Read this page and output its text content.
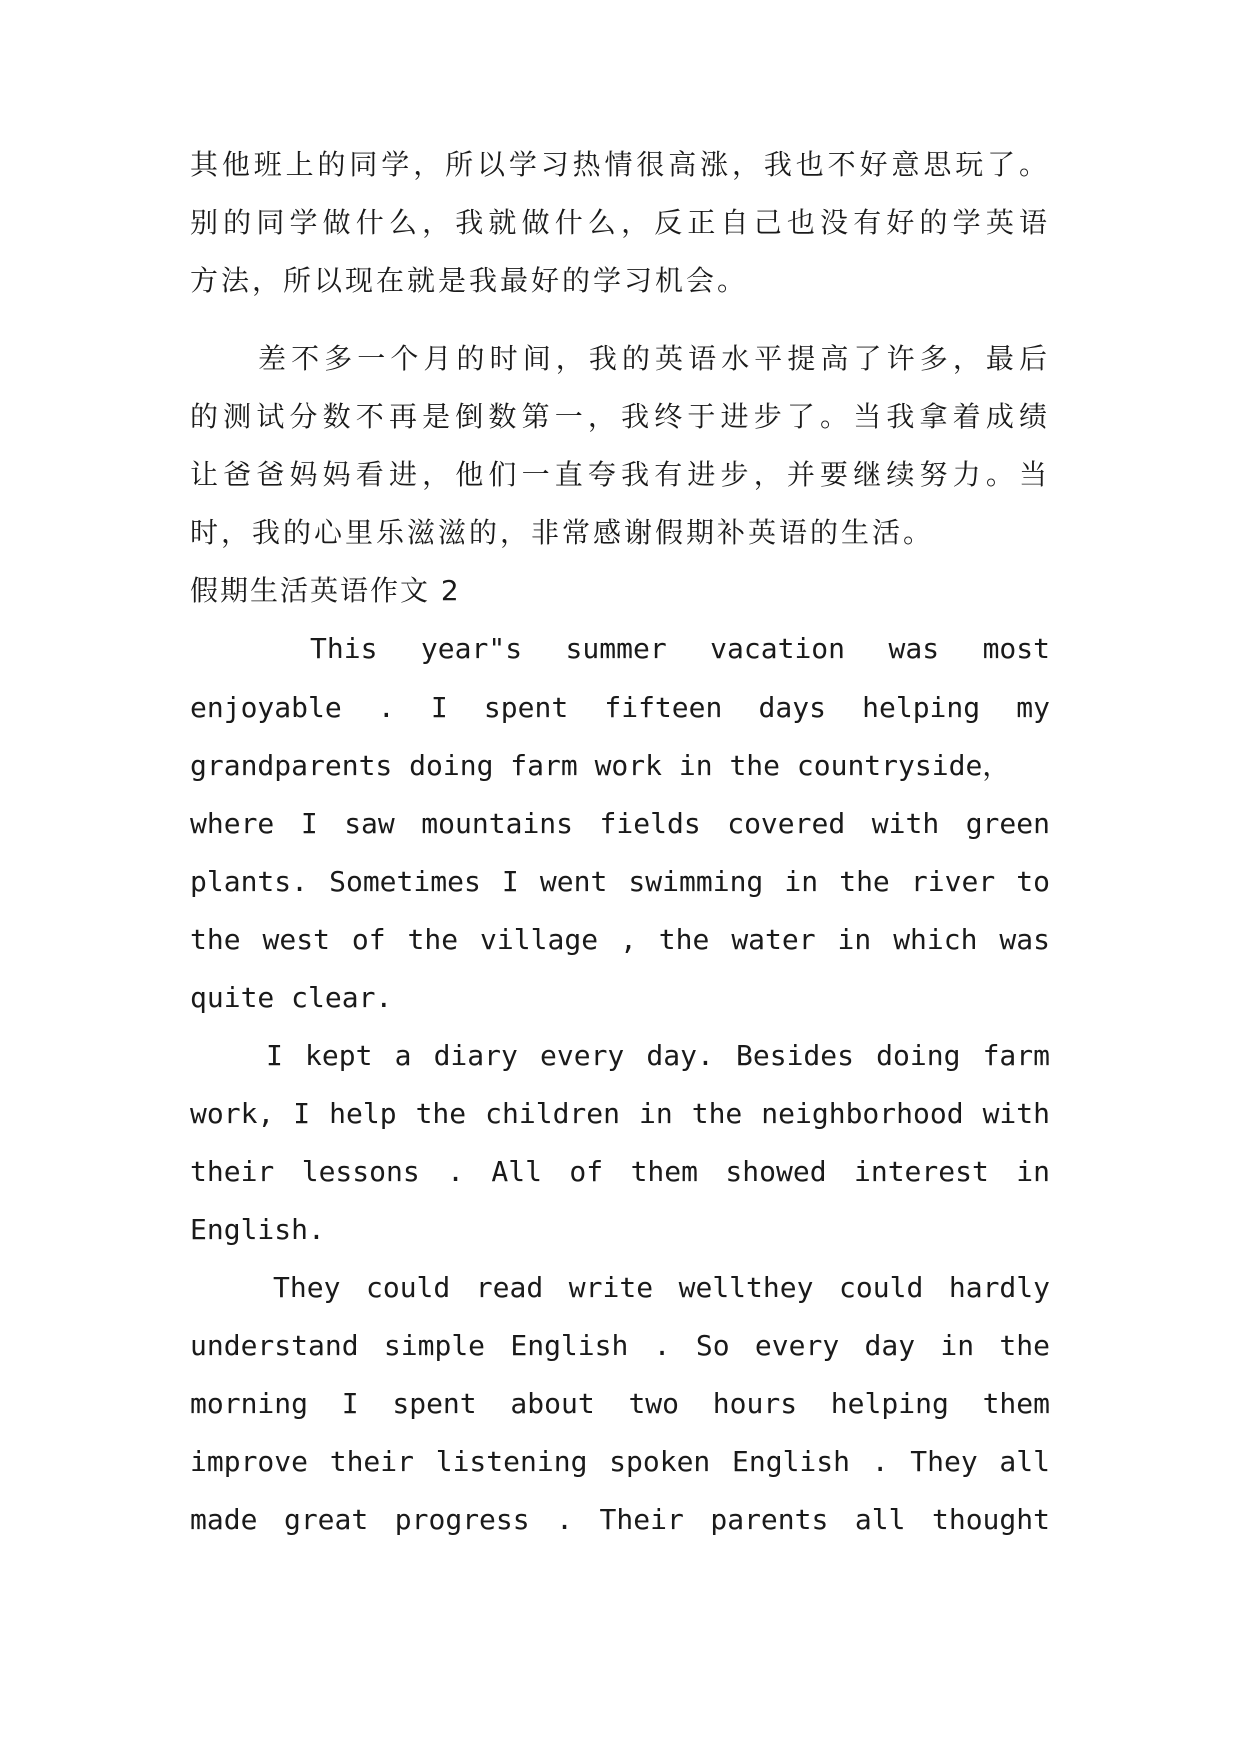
其他班上的同学，所以学习热情很高涨，我也不好意思玩了。
别的同学做什么，我就做什么，反正自己也没有好的学英语
方法，所以现在就是我最好的学习机会。
差不多一个月的时间，我的英语水平提高了许多，最后
的测试分数不再是倒数第一，我终于进步了。当我拿着成绩
让爸爸妈妈看进，他们一直夸我有进步，并要继续努力。当
时，我的心里乐滋滋的，非常感谢假期补英语的生活。
假期生活英语作文 2
This year"s summer vacation was most
enjoyable . I spent fifteen days helping my
grandparents doing farm work in the countryside，
where I saw mountains fields covered with green
plants. Sometimes I went swimming in the river to
the west of the village , the water in which was
quite clear.
I kept a diary every day. Besides doing farm
work, I help the children in the neighborhood with
their lessons . All of them showed interest in
English.
They could read write wellthey could hardly
understand simple English . So every day in the
morning I spent about two hours helping them
improve their listening spoken English . They all
made great progress . Their parents all thought
